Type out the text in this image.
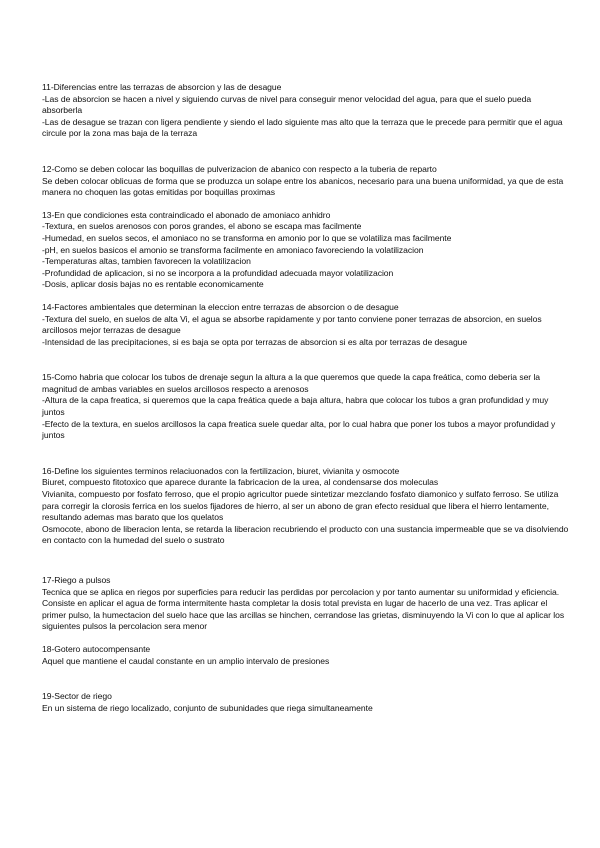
11-Diferencias entre las terrazas de absorcion y las de desague

-Las de absorcion se hacen a nivel y siguiendo curvas de nivel para conseguir menor velocidad del agua, para que el suelo pueda absorberla

-Las de desague se trazan con ligera pendiente y siendo el lado siguiente mas alto que la terraza que le precede para permitir que el agua circule por la zona mas baja de la terraza

12-Como se deben colocar las boquillas de pulverizacion de abanico con respecto a la tuberia de reparto

Se deben colocar oblicuas de forma que se produzca un solape entre los abanicos, necesario para una buena uniformidad, ya que de esta manera no choquen las gotas emitidas por boquillas proximas

13-En que condiciones esta contraindicado el abonado de amoniaco anhidro

-Textura, en suelos arenosos con poros grandes, el abono se escapa mas facilmente

-Humedad, en suelos secos, el amoniaco no se transforma en amonio por lo que se volatiliza mas facilmente

-pH, en suelos basicos el amonio se transforma facilmente en amoniaco favoreciendo la volatilizacion

-Temperaturas altas, tambien favorecen la volatilizacion

-Profundidad de aplicacion, si no se incorpora a la profundidad adecuada mayor volatilizacion

-Dosis, aplicar dosis bajas no es rentable economicamente

14-Factores ambientales que determinan la eleccion entre terrazas de absorcion o de desague

-Textura del suelo, en suelos de alta Vi, el agua se absorbe rapidamente y por tanto conviene poner terrazas de absorcion, en suelos arcillosos mejor terrazas de desague

-Intensidad de las precipitaciones, si es baja se opta por terrazas de absorcion si es alta por terrazas de desague

15-Como habria que colocar los tubos de drenaje segun la altura a la que queremos que quede la capa freática, como deberia ser la magnitud de ambas variables en suelos arcillosos respecto a arenosos

-Altura de la capa freatica, si queremos que la capa freática quede a baja altura, habra que colocar los tubos a gran profundidad y muy juntos

-Efecto de la textura, en suelos arcillosos la capa freatica suele quedar alta, por lo cual habra que poner los tubos a mayor profundidad y juntos

16-Define los siguientes terminos relaciuonados con la fertilizacion, biuret, vivianita y osmocote

Biuret, compuesto fitotoxico que aparece durante la fabricacion de la urea, al condensarse dos moleculas

Vivianita, compuesto por fosfato ferroso, que el propio agricultor puede sintetizar mezclando fosfato diamonico y sulfato ferroso. Se utiliza para corregir la clorosis ferrica en los suelos fijadores de hierro, al ser un abono de gran efecto residual que libera el hierro lentamente, resultando ademas mas barato que los quelatos

Osmocote, abono de liberacion lenta, se retarda la liberacion recubriendo el producto con una sustancia impermeable que se va disolviendo en contacto con la humedad del suelo o sustrato

17-Riego a pulsos

Tecnica que se aplica en riegos por superficies para reducir las perdidas por percolacion y por tanto aumentar su uniformidad y eficiencia. Consiste en aplicar el agua de forma intermitente hasta completar la dosis total prevista en lugar de hacerlo de una vez. Tras aplicar el primer pulso, la humectacion del suelo hace que las arcillas se hinchen, cerrandose las grietas, disminuyendo la Vi con lo que al aplicar los siguientes pulsos la percolacion sera menor

18-Gotero autocompensante

Aquel que mantiene el caudal constante en un amplio intervalo de presiones

19-Sector de riego

En un sistema de riego localizado, conjunto de subunidades que riega simultaneamente
